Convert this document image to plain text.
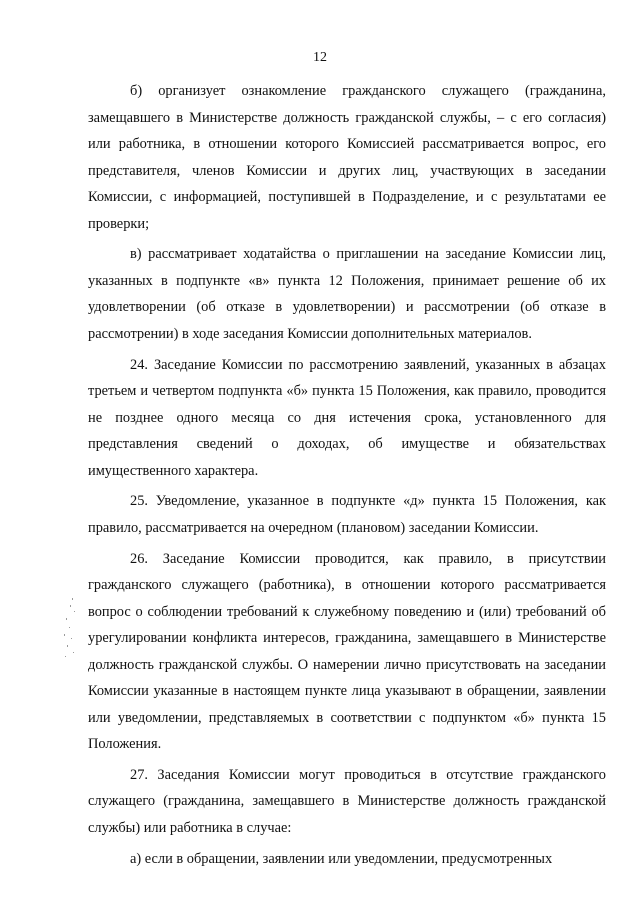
12

б) организует ознакомление гражданского служащего (гражданина, замещавшего в Министерстве должность гражданской службы, – с его согласия) или работника, в отношении которого Комиссией рассматривается вопрос, его представителя, членов Комиссии и других лиц, участвующих в заседании Комиссии, с информацией, поступившей в Подразделение, и с результатами ее проверки;

в) рассматривает ходатайства о приглашении на заседание Комиссии лиц, указанных в подпункте «в» пункта 12 Положения, принимает решение об их удовлетворении (об отказе в удовлетворении) и рассмотрении (об отказе в рассмотрении) в ходе заседания Комиссии дополнительных материалов.

24. Заседание Комиссии по рассмотрению заявлений, указанных в абзацах третьем и четвертом подпункта «б» пункта 15 Положения, как правило, проводится не позднее одного месяца со дня истечения срока, установленного для представления сведений о доходах, об имуществе и обязательствах имущественного характера.

25. Уведомление, указанное в подпункте «д» пункта 15 Положения, как правило, рассматривается на очередном (плановом) заседании Комиссии.

26. Заседание Комиссии проводится, как правило, в присутствии гражданского служащего (работника), в отношении которого рассматривается вопрос о соблюдении требований к служебному поведению и (или) требований об урегулировании конфликта интересов, гражданина, замещавшего в Министерстве должность гражданской службы. О намерении лично присутствовать на заседании Комиссии указанные в настоящем пункте лица указывают в обращении, заявлении или уведомлении, представляемых в соответствии с подпунктом «б» пункта 15 Положения.

27. Заседания Комиссии могут проводиться в отсутствие гражданского служащего (гражданина, замещавшего в Министерстве должность гражданской службы) или работника в случае:

а) если в обращении, заявлении или уведомлении, предусмотренных
